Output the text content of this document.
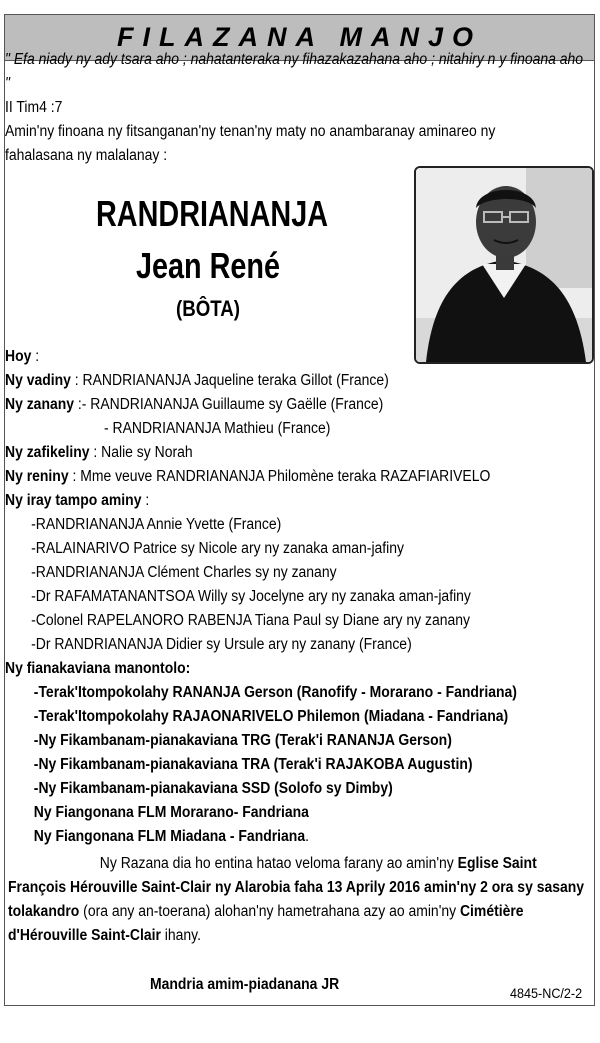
FILAZANA MANJO
" Efa niady ny ady tsara aho ; nahatanteraka ny fihazakazahana aho ; nitahiry n y finoana aho "
II Tim4 :7
Amin'ny finoana ny fitsanganan'ny tenan'ny maty no anambaranay aminareo ny
fahalasana ny malalanay :
RANDRIANANJA
Jean René
(BÔTA)
Hoy :
Ny vadiny : RANDRIANANJA Jaqueline teraka Gillot (France)
Ny zanany :- RANDRIANANJA Guillaume sy Gaëlle (France)
- RANDRIANANJA Mathieu (France)
Ny zafikeliny : Nalie sy Norah
Ny reniny : Mme veuve RANDRIANANJA Philomène teraka RAZAFIARIVELO
Ny iray tampo aminy :
-RANDRIANANJA Annie Yvette (France)
-RALAINARIVO Patrice sy Nicole ary ny zanaka aman-jafiny
-RANDRIANANJA Clément Charles sy ny zanany
-Dr RAFAMATANANTSOA Willy sy Jocelyne ary ny zanaka aman-jafiny
-Colonel RAPELANORO RABENJA Tiana Paul sy Diane ary ny zanany
-Dr RANDRIANANJA Didier sy Ursule ary ny zanany (France)
Ny fianakaviana manontolo:
-Terak'Itompokolahy RANANJA Gerson (Ranofify - Morarano - Fandriana)
-Terak'Itompokolahy RAJAONARIVELO Philemon (Miadana - Fandriana)
-Ny Fikambanam-pianakaviana TRG (Terak'i RANANJA Gerson)
-Ny Fikambanam-pianakaviana TRA (Terak'i RAJAKOBA Augustin)
-Ny Fikambanam-pianakaviana SSD (Solofo sy Dimby)
Ny Fiangonana FLM Morarano- Fandriana
Ny Fiangonana FLM Miadana - Fandriana.

Ny Razana dia ho entina hatao veloma farany ao amin'ny Eglise Saint François Hérouville Saint-Clair ny Alarobia faha 13 Aprily 2016 amin'ny 2 ora sy sasany tolakandro (ora any an-toerana) alohan'ny hametrahana azy ao amin'ny Cimétière d'Hérouville Saint-Clair ihany.

Mandria amim-piadanana JR	4845-NC/2-2
